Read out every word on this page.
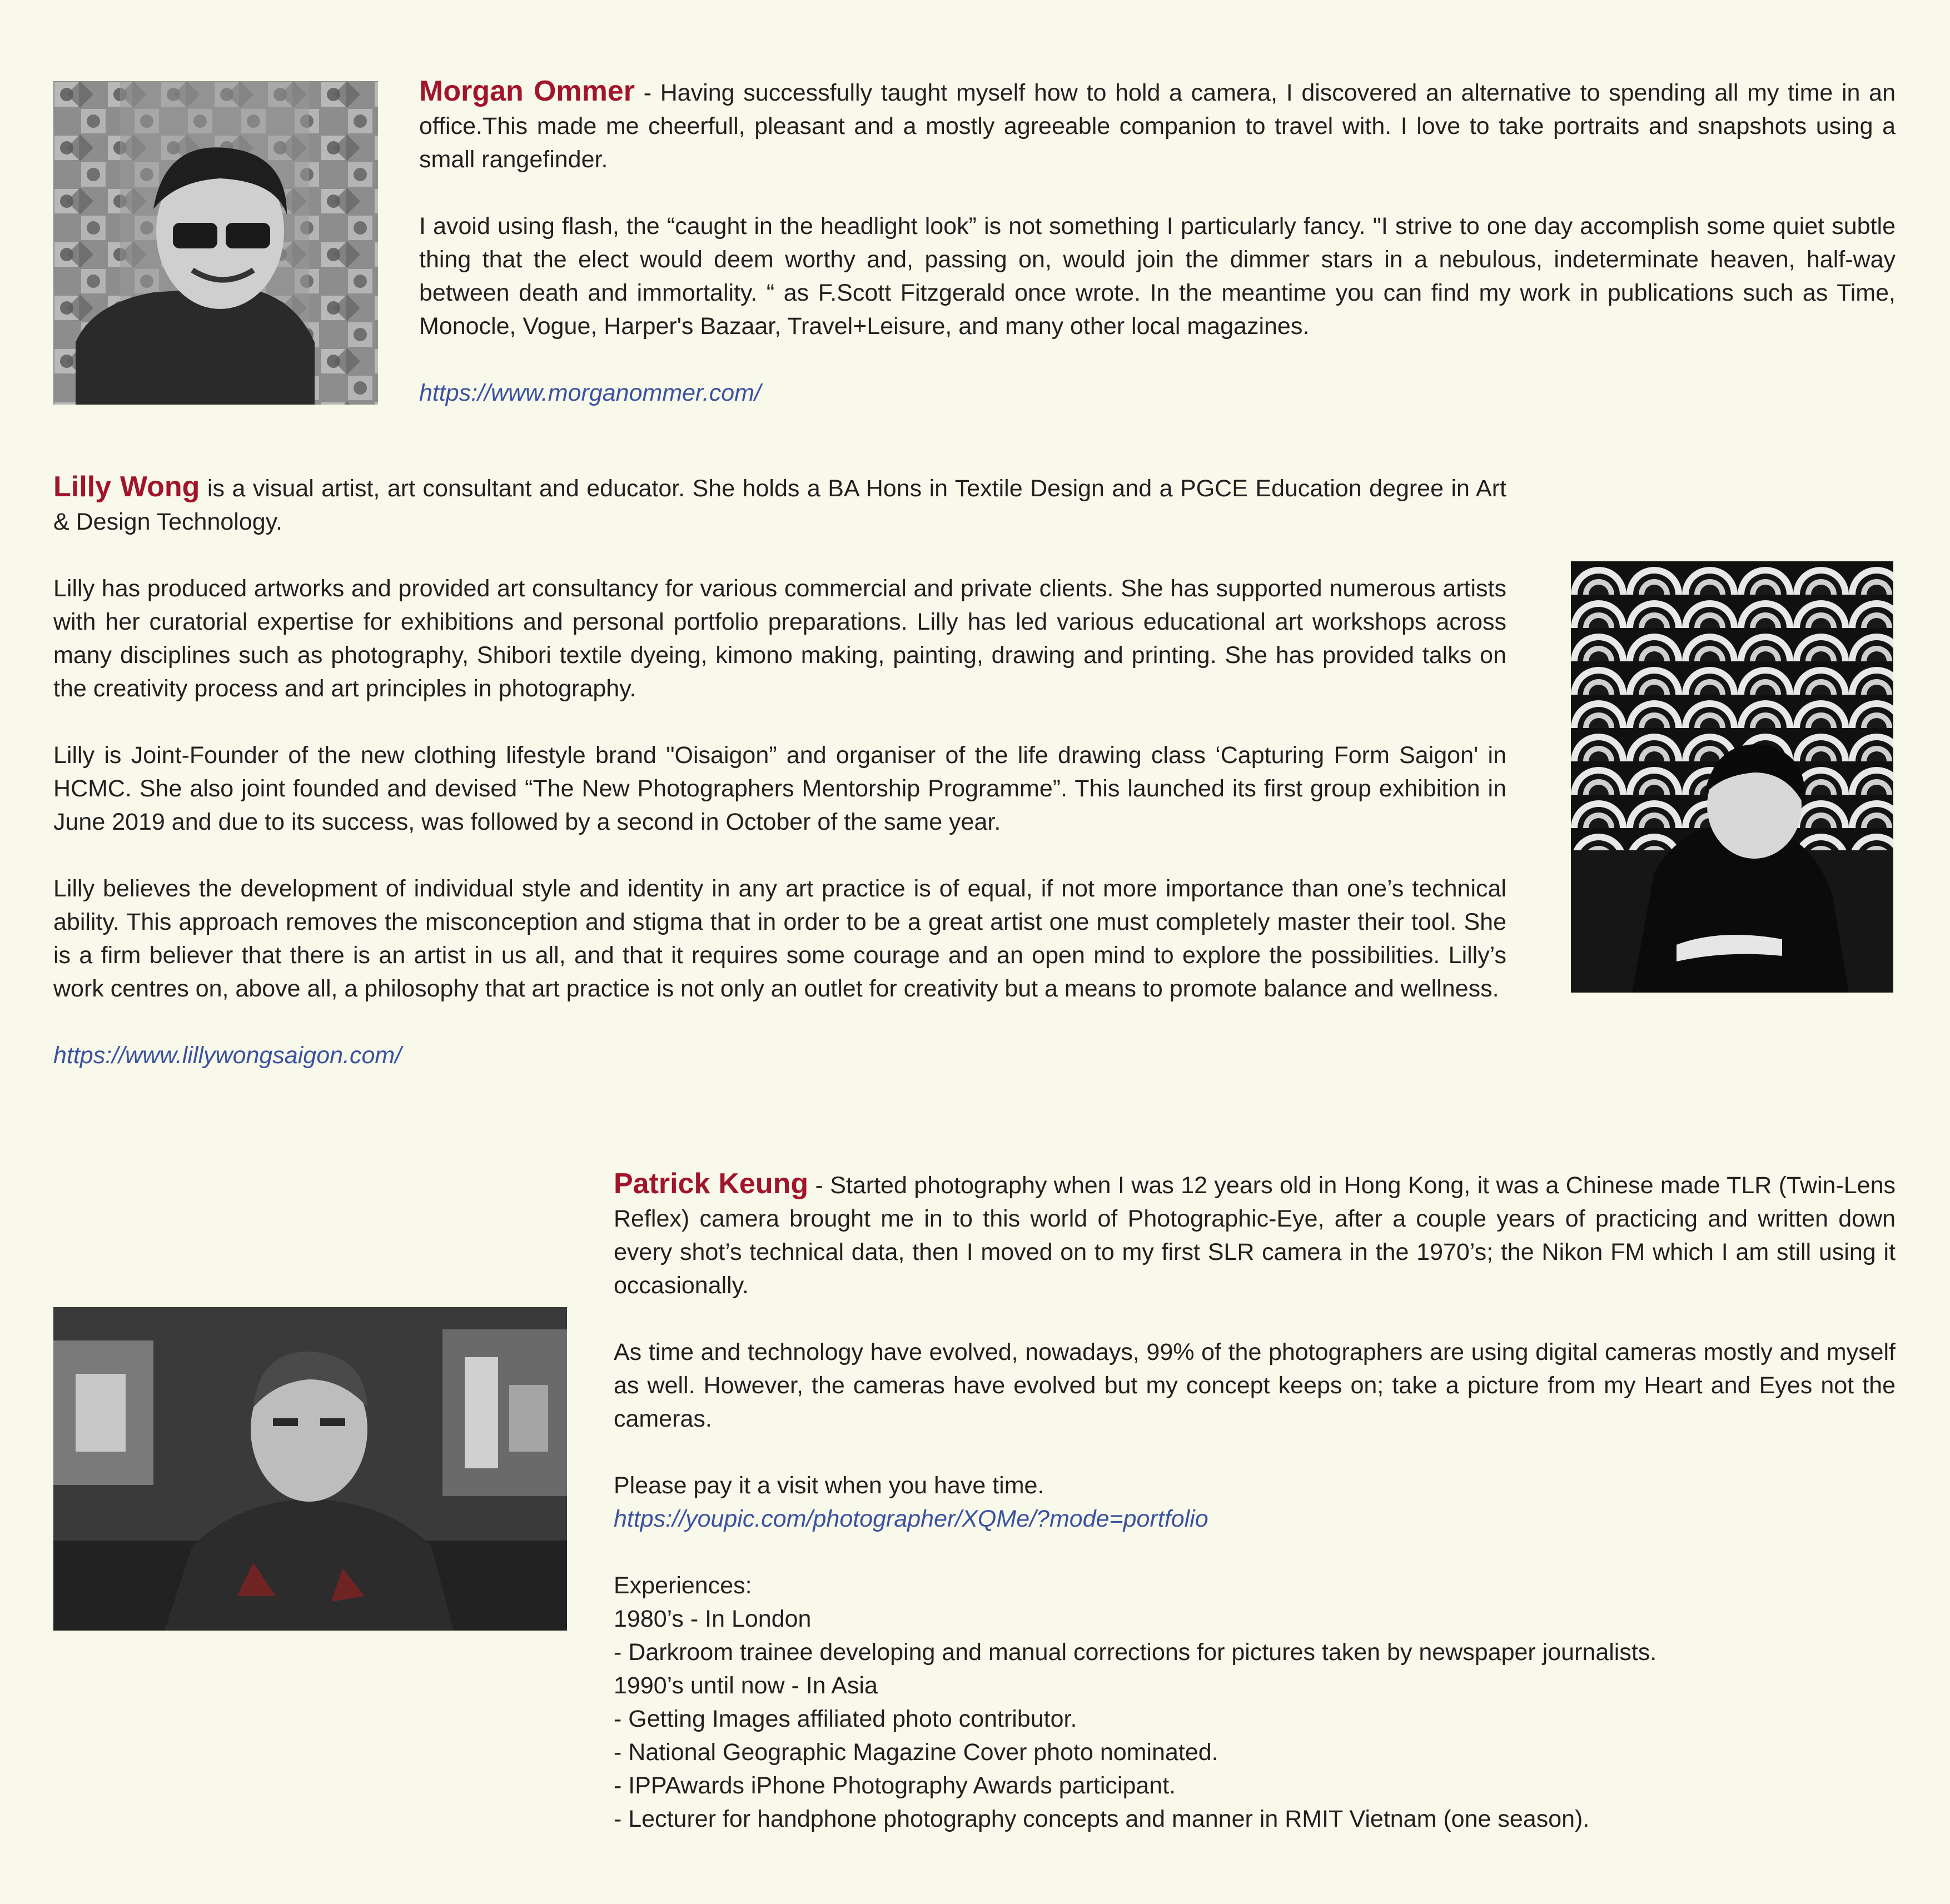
Morgan Ommer - Having successfully taught myself how to hold a camera, I discovered an alternative to spending all my time in an office.This made me cheerfull, pleasant and a mostly agreeable companion to travel with. I love to take portraits and snapshots using a small rangefinder.

I avoid using flash, the “caught in the headlight look” is not something I particularly fancy. "I strive to one day accomplish some quiet subtle thing that the elect would deem worthy and, passing on, would join the dimmer stars in a nebulous, indeterminate heaven, half-way between death and immortality. “ as F.Scott Fitzgerald once wrote. In the meantime you can find my work in publications such as Time, Monocle, Vogue, Harper's Bazaar, Travel+Leisure, and many other local magazines.

https://www.morganommer.com/

Lilly Wong is a visual artist, art consultant and educator. She holds a BA Hons in Textile Design and a PGCE Education degree in Art & Design Technology.

Lilly has produced artworks and provided art consultancy for various commercial and private clients. She has supported numerous artists with her curatorial expertise for exhibitions and personal portfolio preparations. Lilly has led various educational art workshops across many disciplines such as photography, Shibori textile dyeing, kimono making, painting, drawing and printing. She has provided talks on the creativity process and art principles in photography.

Lilly is Joint-Founder of the new clothing lifestyle brand "Oisaigon” and organiser of the life drawing class ‘Capturing Form Saigon' in HCMC. She also joint founded and devised “The New Photographers Mentorship Programme”. This launched its first group exhibition in June 2019 and due to its success, was followed by a second in October of the same year.

Lilly believes the development of individual style and identity in any art practice is of equal, if not more importance than one’s technical ability. This approach removes the misconception and stigma that in order to be a great artist one must completely master their tool. She is a firm believer that there is an artist in us all, and that it requires some courage and an open mind to explore the possibilities. Lilly’s work centres on, above all, a philosophy that art practice is not only an outlet for creativity but a means to promote balance and wellness.

https://www.lillywongsaigon.com/

Patrick Keung - Started photography when I was 12 years old in Hong Kong, it was a Chinese made TLR (Twin-Lens Reflex) camera brought me in to this world of Photographic-Eye, after a couple years of practicing and written down every shot’s technical data, then I moved on to my first SLR camera in the 1970’s; the Nikon FM which I am still using it occasionally.

As time and technology have evolved, nowadays, 99% of the photographers are using digital cameras mostly and myself as well. However, the cameras have evolved but my concept keeps on; take a picture from my Heart and Eyes not the cameras.

Please pay it a visit when you have time.

https://youpic.com/photographer/XQMe/?mode=portfolio

Experiences:
1980’s - In London
- Darkroom trainee developing and manual corrections for pictures taken by newspaper journalists.
1990’s until now - In Asia
- Getting Images affiliated photo contributor.
- National Geographic Magazine Cover photo nominated.
- IPPAwards iPhone Photography Awards participant.
- Lecturer for handphone photography concepts and manner in RMIT Vietnam (one season).
